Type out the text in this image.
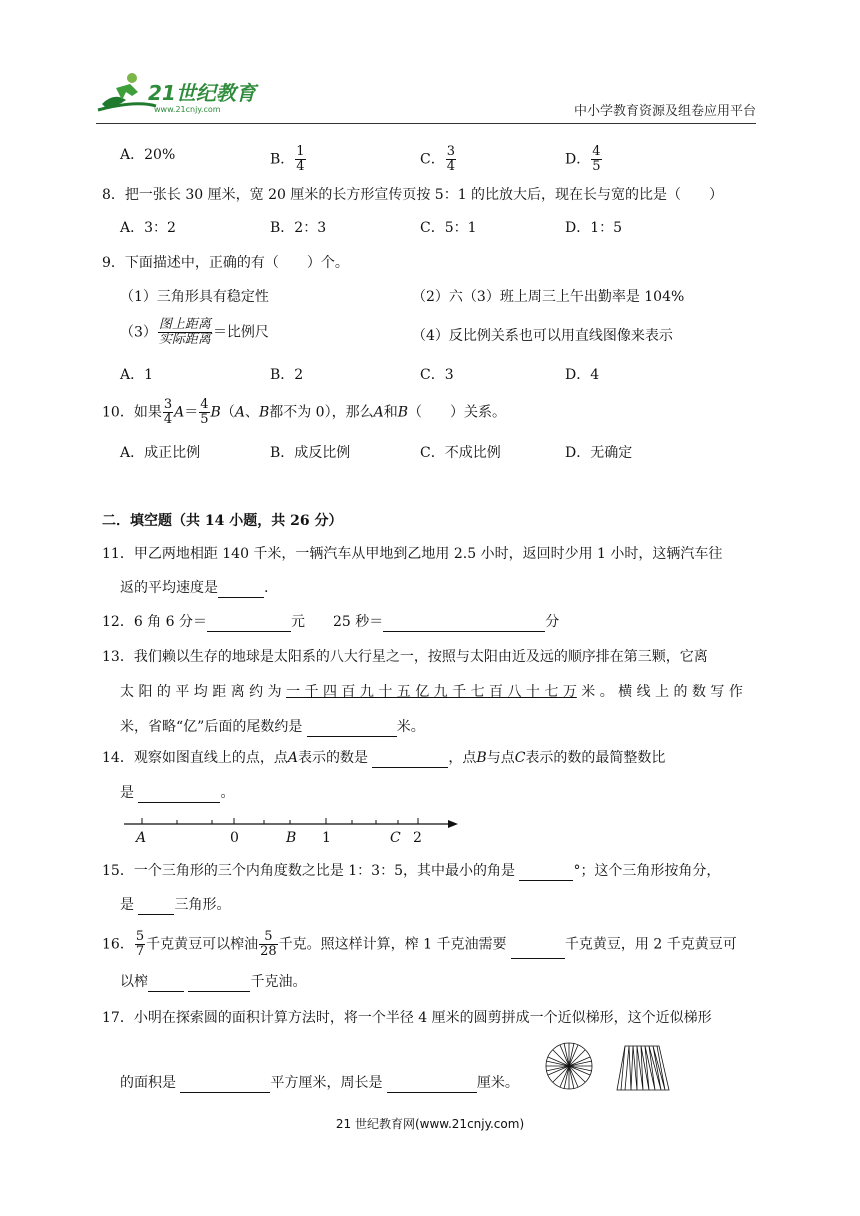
21世纪教育
www.21cnjy.com	中小学教育资源及组卷应用平台
A．20%	B． $\frac{1}{4}$	C． $\frac{3}{4}$	D． $\frac{4}{5}$
8．把一张长 30 厘米，宽 20 厘米的长方形宣传页按 5：1 的比放大后，现在长与宽的比是（　　）
A．3：2	B．2：3	C．5：1	D．1：5
9．下面描述中，正确的有（　　）个。
（1）三角形具有稳定性	（2）六（3）班上周三上午出勤率是 104%
$(3) \frac{\text{图上距离}}{\text{实际距离}}$ ＝比例尺	（4）反比例关系也可以用直线图像来表示
A．1	B．2	C．3	D．4
10．如果 $\frac{3}{4} A= \frac{4}{5} B(A$、B都不为 0），那么A和B（　　）关系。
A．成正比例	B．成反比例	C．不成比例	D．无确定
二．填空题（共 14 小题，共 26 分）
11．甲乙两地相距 140 千米，一辆汽车从甲地到乙地用 2.5 小时，返回时少用 1 小时，这辆汽车往
返的平均速度是	.
12．6 角 6 分＝	元　　25 秒＝	分
13．我们赖以生存的地球是太阳系的八大行星之一，按照与太阳由近及远的顺序排在第三颗，它离
太 阳 的 平 均 距 离 约 为 一 千 四 百 九 十 五 亿 九 千 七 百 八 十 七 万 米 。 横 线 上 的 数 写 作
米，省略“亿”后面的尾数约是	米。
14．观察如图直线上的点，点A表示的数是	，点B与点C表示的数的最简整数比
是	。
A	0	B 1	C 2
15．一个三角形的三个内角度数之比是 1：3：5，其中最小的角是	°；这个三角形按角分，
是	三角形。
16． $\frac{5}{7}$ 千克黄豆可以榨油 $\frac{5}{28}$ 千克。照这样计算，榨 1 千克油需要	千克黄豆，用 2 千克黄豆可
以榨	千克油。
17．小明在探索圆的面积计算方法时，将一个半径 4 厘米的圆剪拼成一个近似梯形，这个近似梯形
的面积是	平方厘米，周长是	厘米。
21 世纪教育网(www.21cnjy.com)
